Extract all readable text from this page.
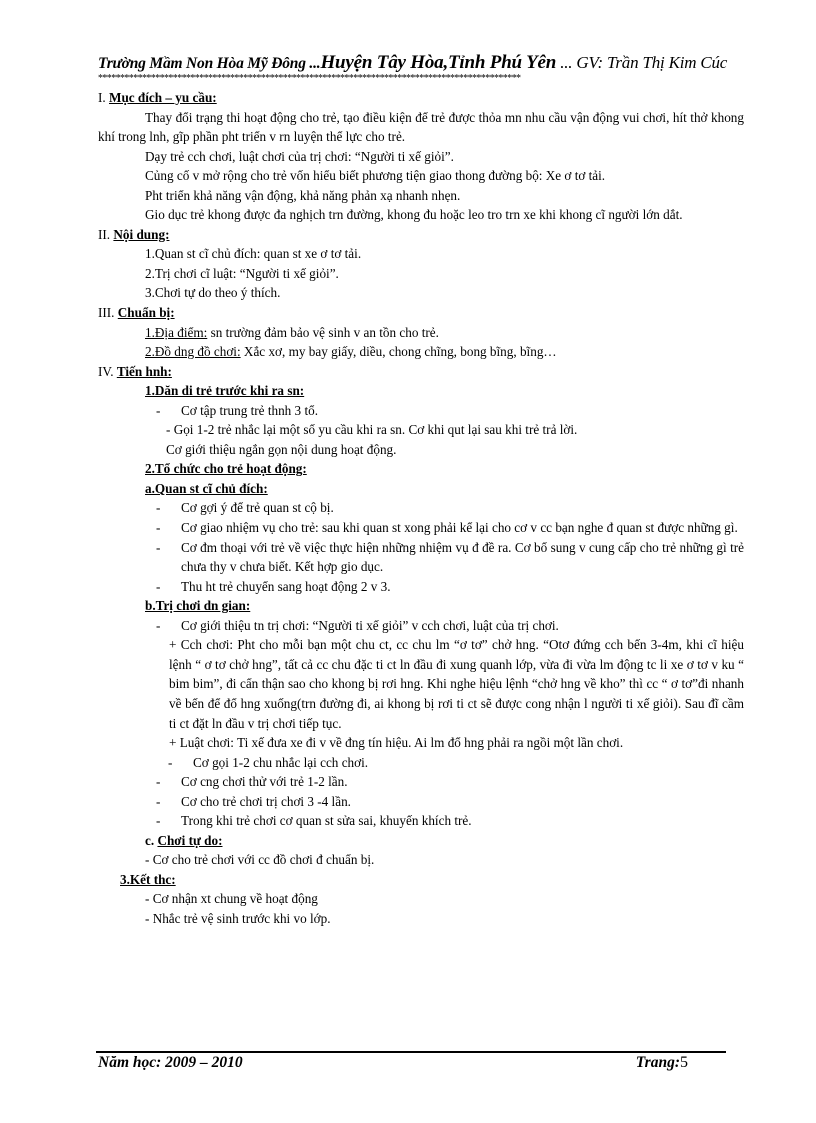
Trường Mầm Non Hòa Mỹ Đông ...Huyện Tây Hòa,Tỉnh Phú Yên ... GV: Trần Thị Kim Cúc
************************************************************************************************
I. Mục đích – yu cầu:
Thay đổi trạng thi hoạt động cho trẻ, tạo điều kiện để trẻ được thỏa mn nhu cầu vận động vui chơi, hít thở khong khí trong lnh, gĩp phần pht triển v rn luyện thể lực cho trẻ.
Dạy trẻ cch chơi, luật chơi của trị chơi: “Người ti xế giỏi”.
Củng cố v mở rộng cho trẻ vốn hiểu biết phương tiện giao thong đường bộ: Xe ơ tơ tải.
Pht triển khả năng vận động, khả năng phản xạ nhanh nhẹn.
Gio dục trẻ khong được đa nghịch trn đường, khong đu hoặc leo tro trn xe khi khong cĩ người lớn dắt.
II. Nội dung:
1.Quan st cĩ chủ đích: quan st xe ơ tơ tải.
2.Trị chơi cĩ luật: “Người ti xế giỏi”.
3.Chơi tự do theo ý thích.
III. Chuẩn bị:
1.Địa điểm: sn trường đảm bảo vệ sinh v an tồn cho trẻ.
2.Đồ dng đồ chơi: Xắc xơ, my bay giấy, diều, chong chĩng, bong bĩng, bĩng…
IV. Tiến hnh:
1.Dăn di trẻ trước khi ra sn:
-	Cơ tập trung trẻ thnh 3 tổ.
- Gọi 1-2 trẻ nhắc lại một số yu cầu khi ra sn. Cơ khi qut lại sau khi trẻ trả lời.
Cơ giới thiệu ngắn gọn nội dung hoạt động.
2.Tổ chức cho trẻ hoạt động:
a.Quan st cĩ chủ đích:
-	Cơ gợi ý để trẻ quan st cộ bị.
-	Cơ giao nhiệm vụ cho trẻ: sau khi quan st xong phải kể lại cho cơ v cc bạn nghe đ quan st được những gì.
-	Cơ đm thoại với trẻ về việc thực hiện những nhiệm vụ đ đề ra. Cơ bổ sung v cung cấp cho trẻ những gì trẻ chưa thy v chưa biết. Kết hợp gio dục.
-	Thu ht trẻ chuyển sang hoạt động 2 v 3.
b.Trị chơi dn gian:
-	Cơ giới thiệu tn trị chơi: “Người ti xế giỏi” v cch chơi, luật của trị chơi.
+ Cch chơi: Pht cho mỗi bạn một chu ct, cc chu lm “ơ tơ” chở hng. “Otơ đứng cch bến 3-4m, khi cĩ hiệu lệnh “ ơ tơ chở hng”, tất cả cc chu đặc ti ct ln đầu đi xung quanh lớp, vừa đi vừa lm động tc li xe ơ tơ v ku “ bim bim”, đi cẩn thận sao cho khong bị rơi hng. Khi nghe hiệu lệnh “chở hng về kho” thì cc “ ơ tơ”đi nhanh về bến để đổ hng xuống(trn đường đi, ai khong bị rơi ti ct sẽ được cong nhận l người ti xế giỏi). Sau đĩ cầm ti ct đặt ln đầu v trị chơi tiếp tục.
+ Luật chơi: Ti xế đưa xe đi v về đng tín hiệu. Ai lm đổ hng phải ra ngồi một lần chơi.
-	Cơ gọi 1-2 chu nhắc lại cch chơi.
-	Cơ cng chơi thử với trẻ 1-2 lần.
-	Cơ cho trẻ chơi trị chơi 3 -4 lần.
-	Trong khi trẻ chơi cơ quan st sửa sai, khuyến khích trẻ.
c. Chơi tự do:
- Cơ cho trẻ chơi với cc đồ chơi đ chuẩn bị.
3.Kết thc:
- Cơ nhận xt chung về hoạt động
- Nhắc trẻ vệ sinh trước khi vo lớp.
Năm học: 2009 – 2010	Trang:5
